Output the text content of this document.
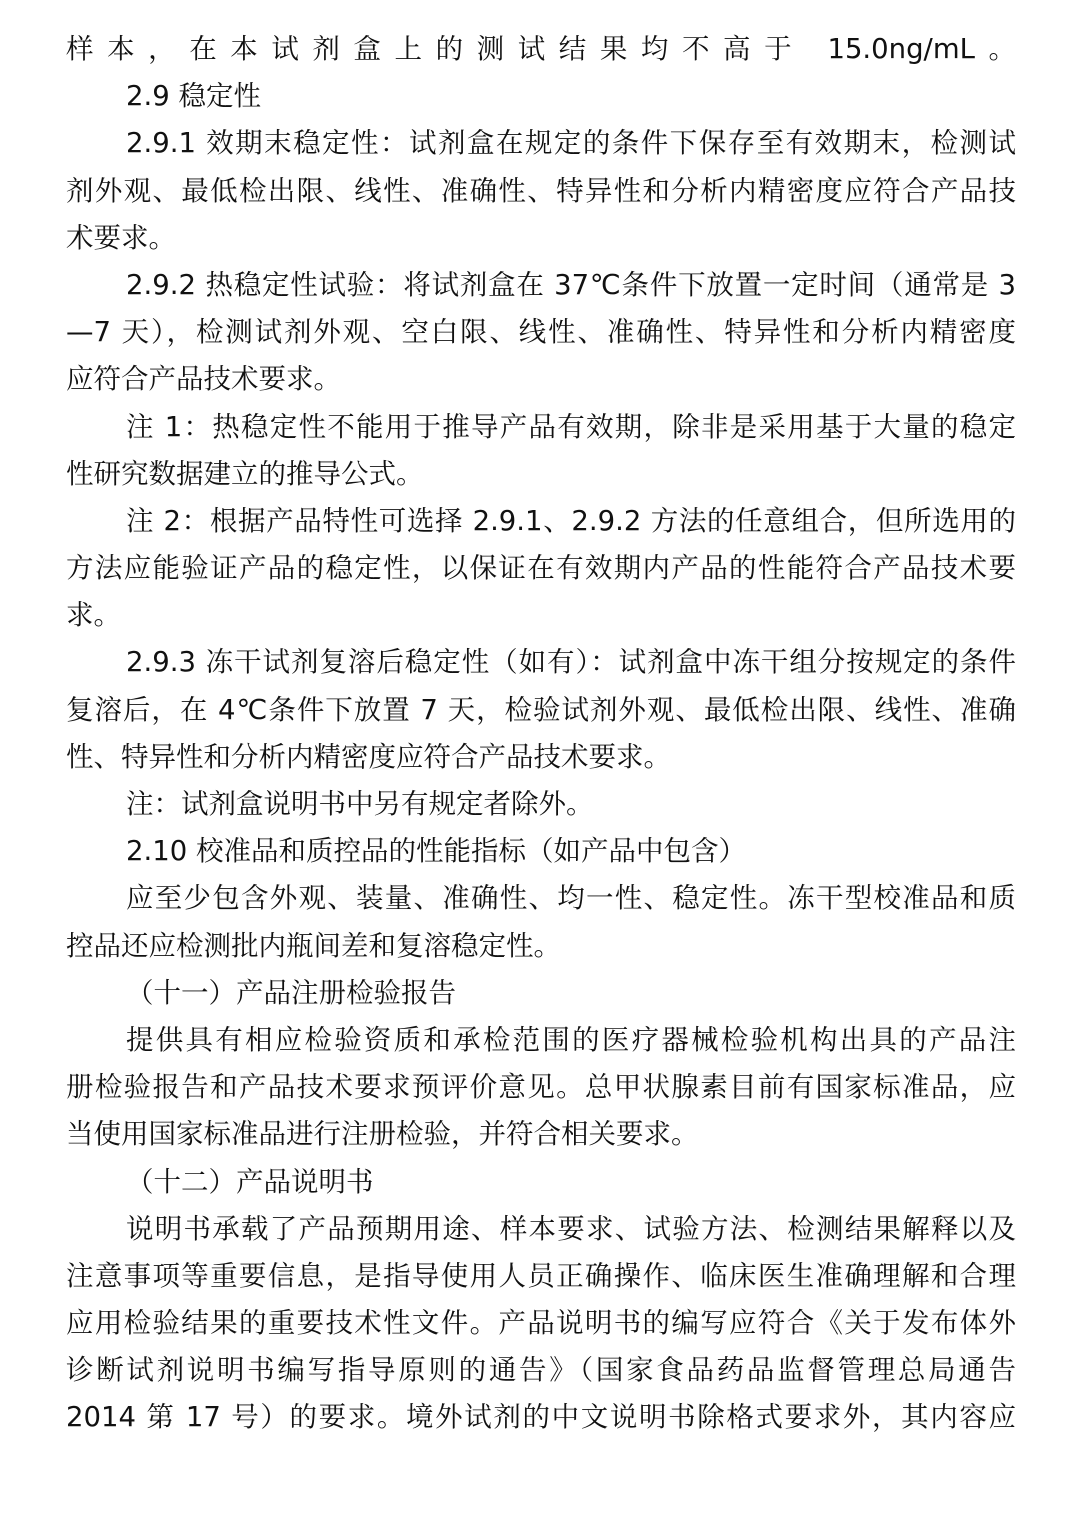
样本，在本试剂盒上的测试结果均不高于 15.0ng/mL。
2.9 稳定性
2.9.1 效期末稳定性：试剂盒在规定的条件下保存至有效期末，检测试
剂外观、最低检出限、线性、准确性、特异性和分析内精密度应符合产品技
术要求。
2.9.2 热稳定性试验：将试剂盒在 37℃条件下放置一定时间（通常是 3
—7 天），检测试剂外观、空白限、线性、准确性、特异性和分析内精密度
应符合产品技术要求。
注 1：热稳定性不能用于推导产品有效期，除非是采用基于大量的稳定
性研究数据建立的推导公式。
注 2：根据产品特性可选择 2.9.1、2.9.2 方法的任意组合，但所选用的
方法应能验证产品的稳定性，以保证在有效期内产品的性能符合产品技术要
求。
2.9.3 冻干试剂复溶后稳定性（如有）：试剂盒中冻干组分按规定的条件
复溶后，在 4℃条件下放置 7 天，检验试剂外观、最低检出限、线性、准确
性、特异性和分析内精密度应符合产品技术要求。
注：试剂盒说明书中另有规定者除外。
2.10 校准品和质控品的性能指标（如产品中包含）
应至少包含外观、装量、准确性、均一性、稳定性。冻干型校准品和质
控品还应检测批内瓶间差和复溶稳定性。
（十一）产品注册检验报告
提供具有相应检验资质和承检范围的医疗器械检验机构出具的产品注
册检验报告和产品技术要求预评价意见。总甲状腺素目前有国家标准品，应
当使用国家标准品进行注册检验，并符合相关要求。
（十二）产品说明书
说明书承载了产品预期用途、样本要求、试验方法、检测结果解释以及
注意事项等重要信息，是指导使用人员正确操作、临床医生准确理解和合理
应用检验结果的重要技术性文件。产品说明书的编写应符合《关于发布体外
诊断试剂说明书编写指导原则的通告》（国家食品药品监督管理总局通告
2014 第 17 号）的要求。境外试剂的中文说明书除格式要求外，其内容应
